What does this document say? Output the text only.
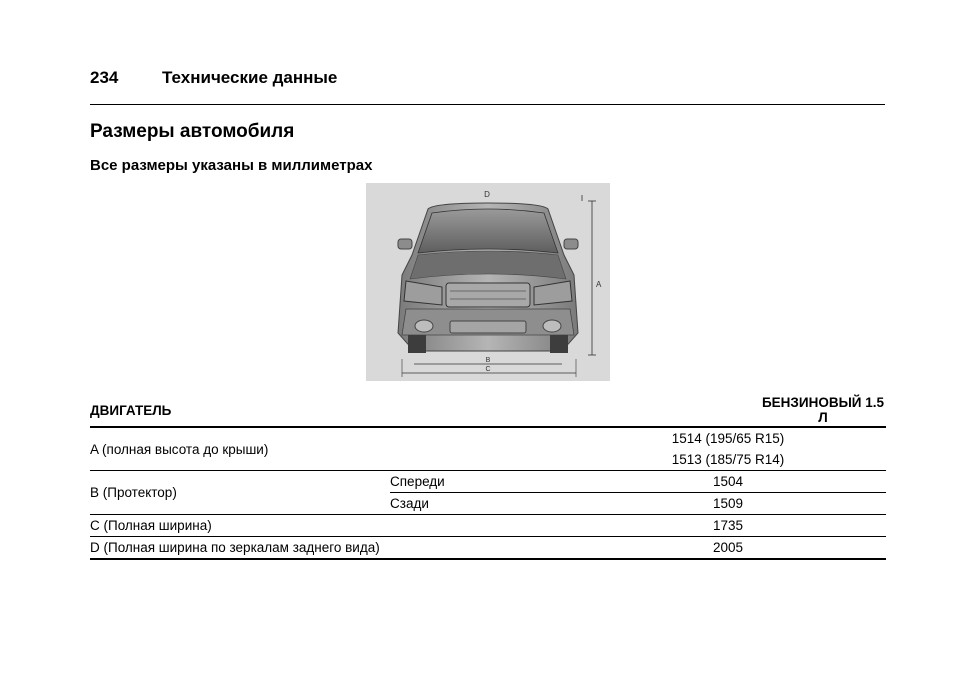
234	Технические данные
Размеры автомобиля
Все размеры указаны в миллиметрах
D
A
B
C
ДВИГАТЕЛЬ		БЕНЗИНОВЫЙ 1.5 Л
A (полная высота до крыши)		1514 (195/65 R15)
1513 (185/75 R14)

B (Протектор)	Спереди	1504
	Сзади	1509
C (Полная ширина)		1735
D (Полная ширина по зеркалам заднего вида)		2005
